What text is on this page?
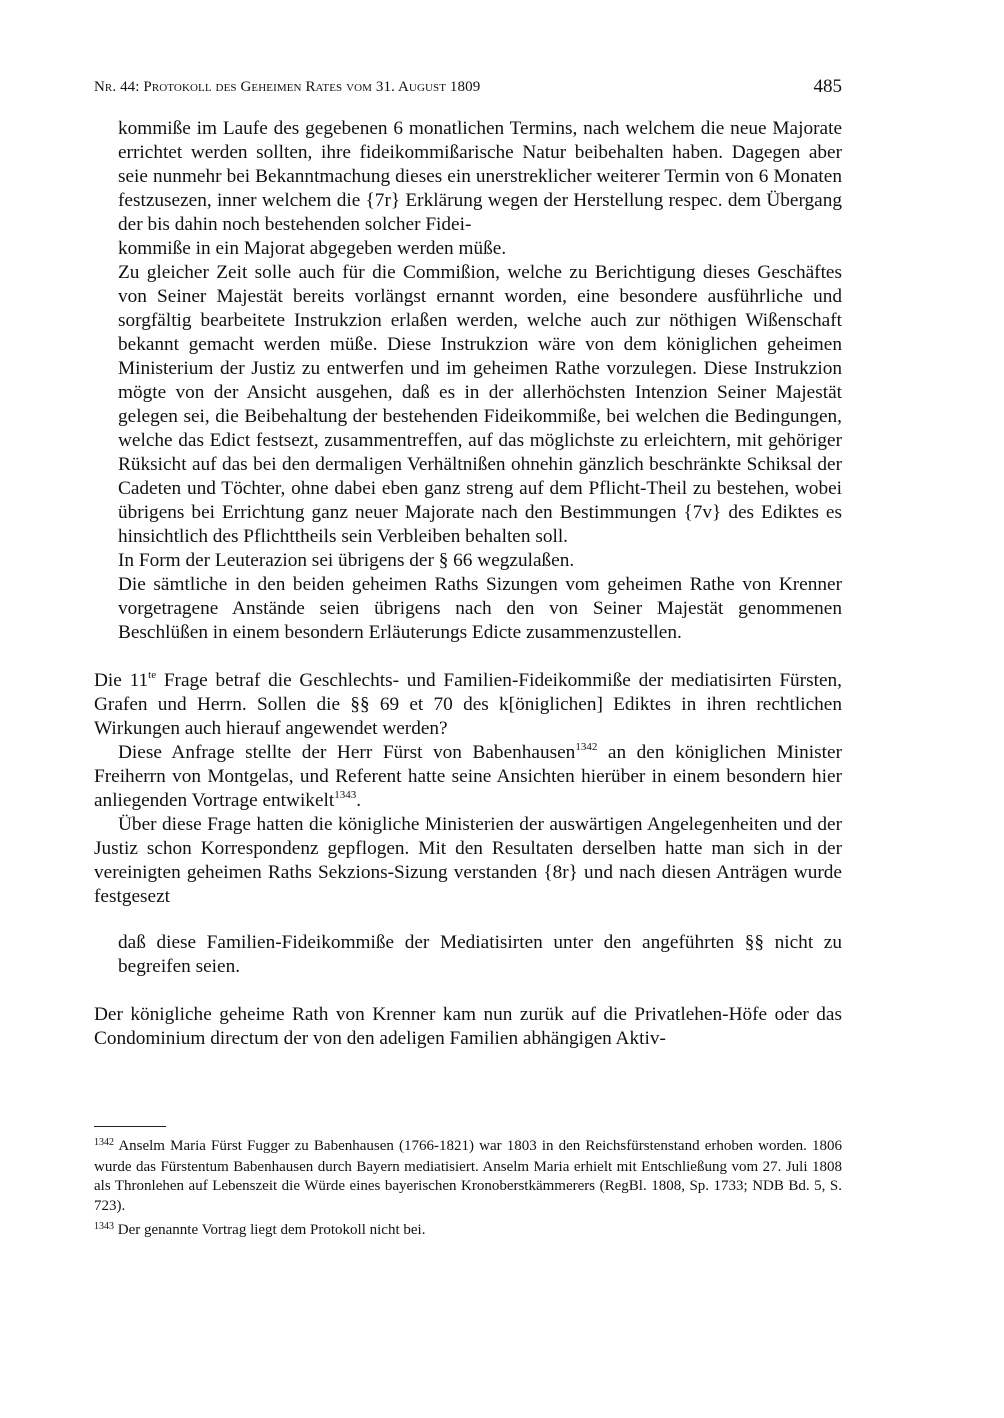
Nr. 44: Protokoll des Geheimen Rates vom 31. August 1809	485

kommiße im Laufe des gegebenen 6 monatlichen Termins, nach welchem die neue Majorate errichtet werden sollten, ihre fideikommißarische Natur beibehalten haben. Dagegen aber seie nunmehr bei Bekanntmachung dieses ein unerstreklicher weiterer Termin von 6 Monaten festzusezen, inner welchem die {7r} Erklärung wegen der Herstellung respec. dem Übergang der bis dahin noch bestehenden solcher Fidei-
kommiße in ein Majorat abgegeben werden müße.

Zu gleicher Zeit solle auch für die Commißion, welche zu Berichtigung dieses Geschäftes von Seiner Majestät bereits vorlängst ernannt worden, eine besondere ausführliche und sorgfältig bearbeitete Instrukzion erlaßen werden, welche auch zur nöthigen Wißenschaft bekannt gemacht werden müße. Diese Instrukzion wäre von dem königlichen geheimen Ministerium der Justiz zu entwerfen und im geheimen Rathe vorzulegen. Diese Instrukzion mögte von der Ansicht ausgehen, daß es in der allerhöchsten Intenzion Seiner Majestät gelegen sei, die Beibehaltung der bestehenden Fideikommiße, bei welchen die Bedingungen, welche das Edict festsezt, zusammentreffen, auf das möglichste zu erleichtern, mit gehöriger Rüksicht auf das bei den dermaligen Verhältnißen ohnehin gänzlich beschränkte Schiksal der Cadeten und Töchter, ohne dabei eben ganz streng auf dem Pflicht-Theil zu bestehen, wobei übrigens bei Errichtung ganz neuer Majorate nach den Bestimmungen {7v} des Ediktes es hinsichtlich des Pflichttheils sein Verbleiben behalten soll.

In Form der Leuterazion sei übrigens der § 66 wegzulaßen.

Die sämtliche in den beiden geheimen Raths Sizungen vom geheimen Rathe von Krenner vorgetragene Anstände seien übrigens nach den von Seiner Majestät genommenen Beschlüßen in einem besondern Erläuterungs Edicte zusammenzustellen.

Die $11^{te}$ Frage betraf die Geschlechts- und Familien-Fideikommiße der mediatisirten Fürsten, Grafen und Herrn. Sollen die §§ 69 et 70 des k[öniglichen] Ediktes in ihren rechtlichen Wirkungen auch hierauf angewendet werden?

Diese Anfrage stellte der Herr Fürst von Babenhausen$^{1342}$ an den königlichen Minister Freiherrn von Montgelas, und Referent hatte seine Ansichten hierüber in einem besondern hier anliegenden Vortrage entwikelt$^{1343}$.

Über diese Frage hatten die königliche Ministerien der auswärtigen Angelegenheiten und der Justiz schon Korrespondenz gepflogen. Mit den Resultaten derselben hatte man sich in der vereinigten geheimen Raths Sekzions-Sizung verstanden {8r} und nach diesen Anträgen wurde festgesezt

daß diese Familien-Fideikommiße der Mediatisirten unter den angeführten §§ nicht zu begreifen seien.

Der königliche geheime Rath von Krenner kam nun zurük auf die Privatlehen-Höfe oder das Condominium directum der von den adeligen Familien abhängigen Aktiv-

$^{1342}$ Anselm Maria Fürst Fugger zu Babenhausen (1766-1821) war 1803 in den Reichsfürstenstand erhoben worden. 1806 wurde das Fürstentum Babenhausen durch Bayern mediatisiert. Anselm Maria erhielt mit Entschließung vom 27. Juli 1808 als Thronlehen auf Lebenszeit die Würde eines bayerischen Kronoberstkämmerers (RegBl. 1808, Sp. 1733; NDB Bd. 5, S. 723).

$^{1343}$ Der genannte Vortrag liegt dem Protokoll nicht bei.
